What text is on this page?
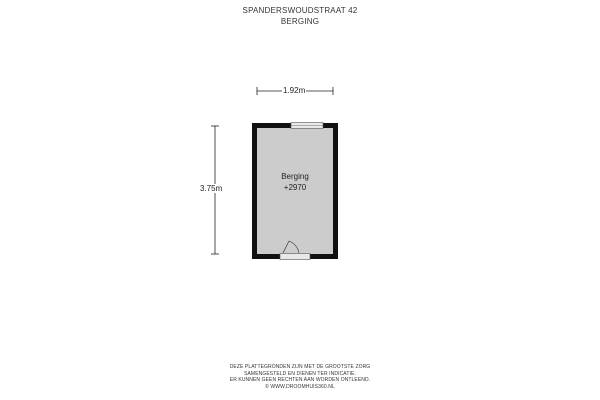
SPANDERSWOUDSTRAAT 42
BERGING
1.92m
3.75m
Berging
+2970
DEZE PLATTEGRONDEN ZIJN MET DE GROOTSTE ZORG
SAMENGESTELD EN DIENEN TER INDICATIE.
ER KUNNEN GEEN RECHTEN AAN WORDEN ONTLEEND.
© WWW.DROOMHUIS360.NL
